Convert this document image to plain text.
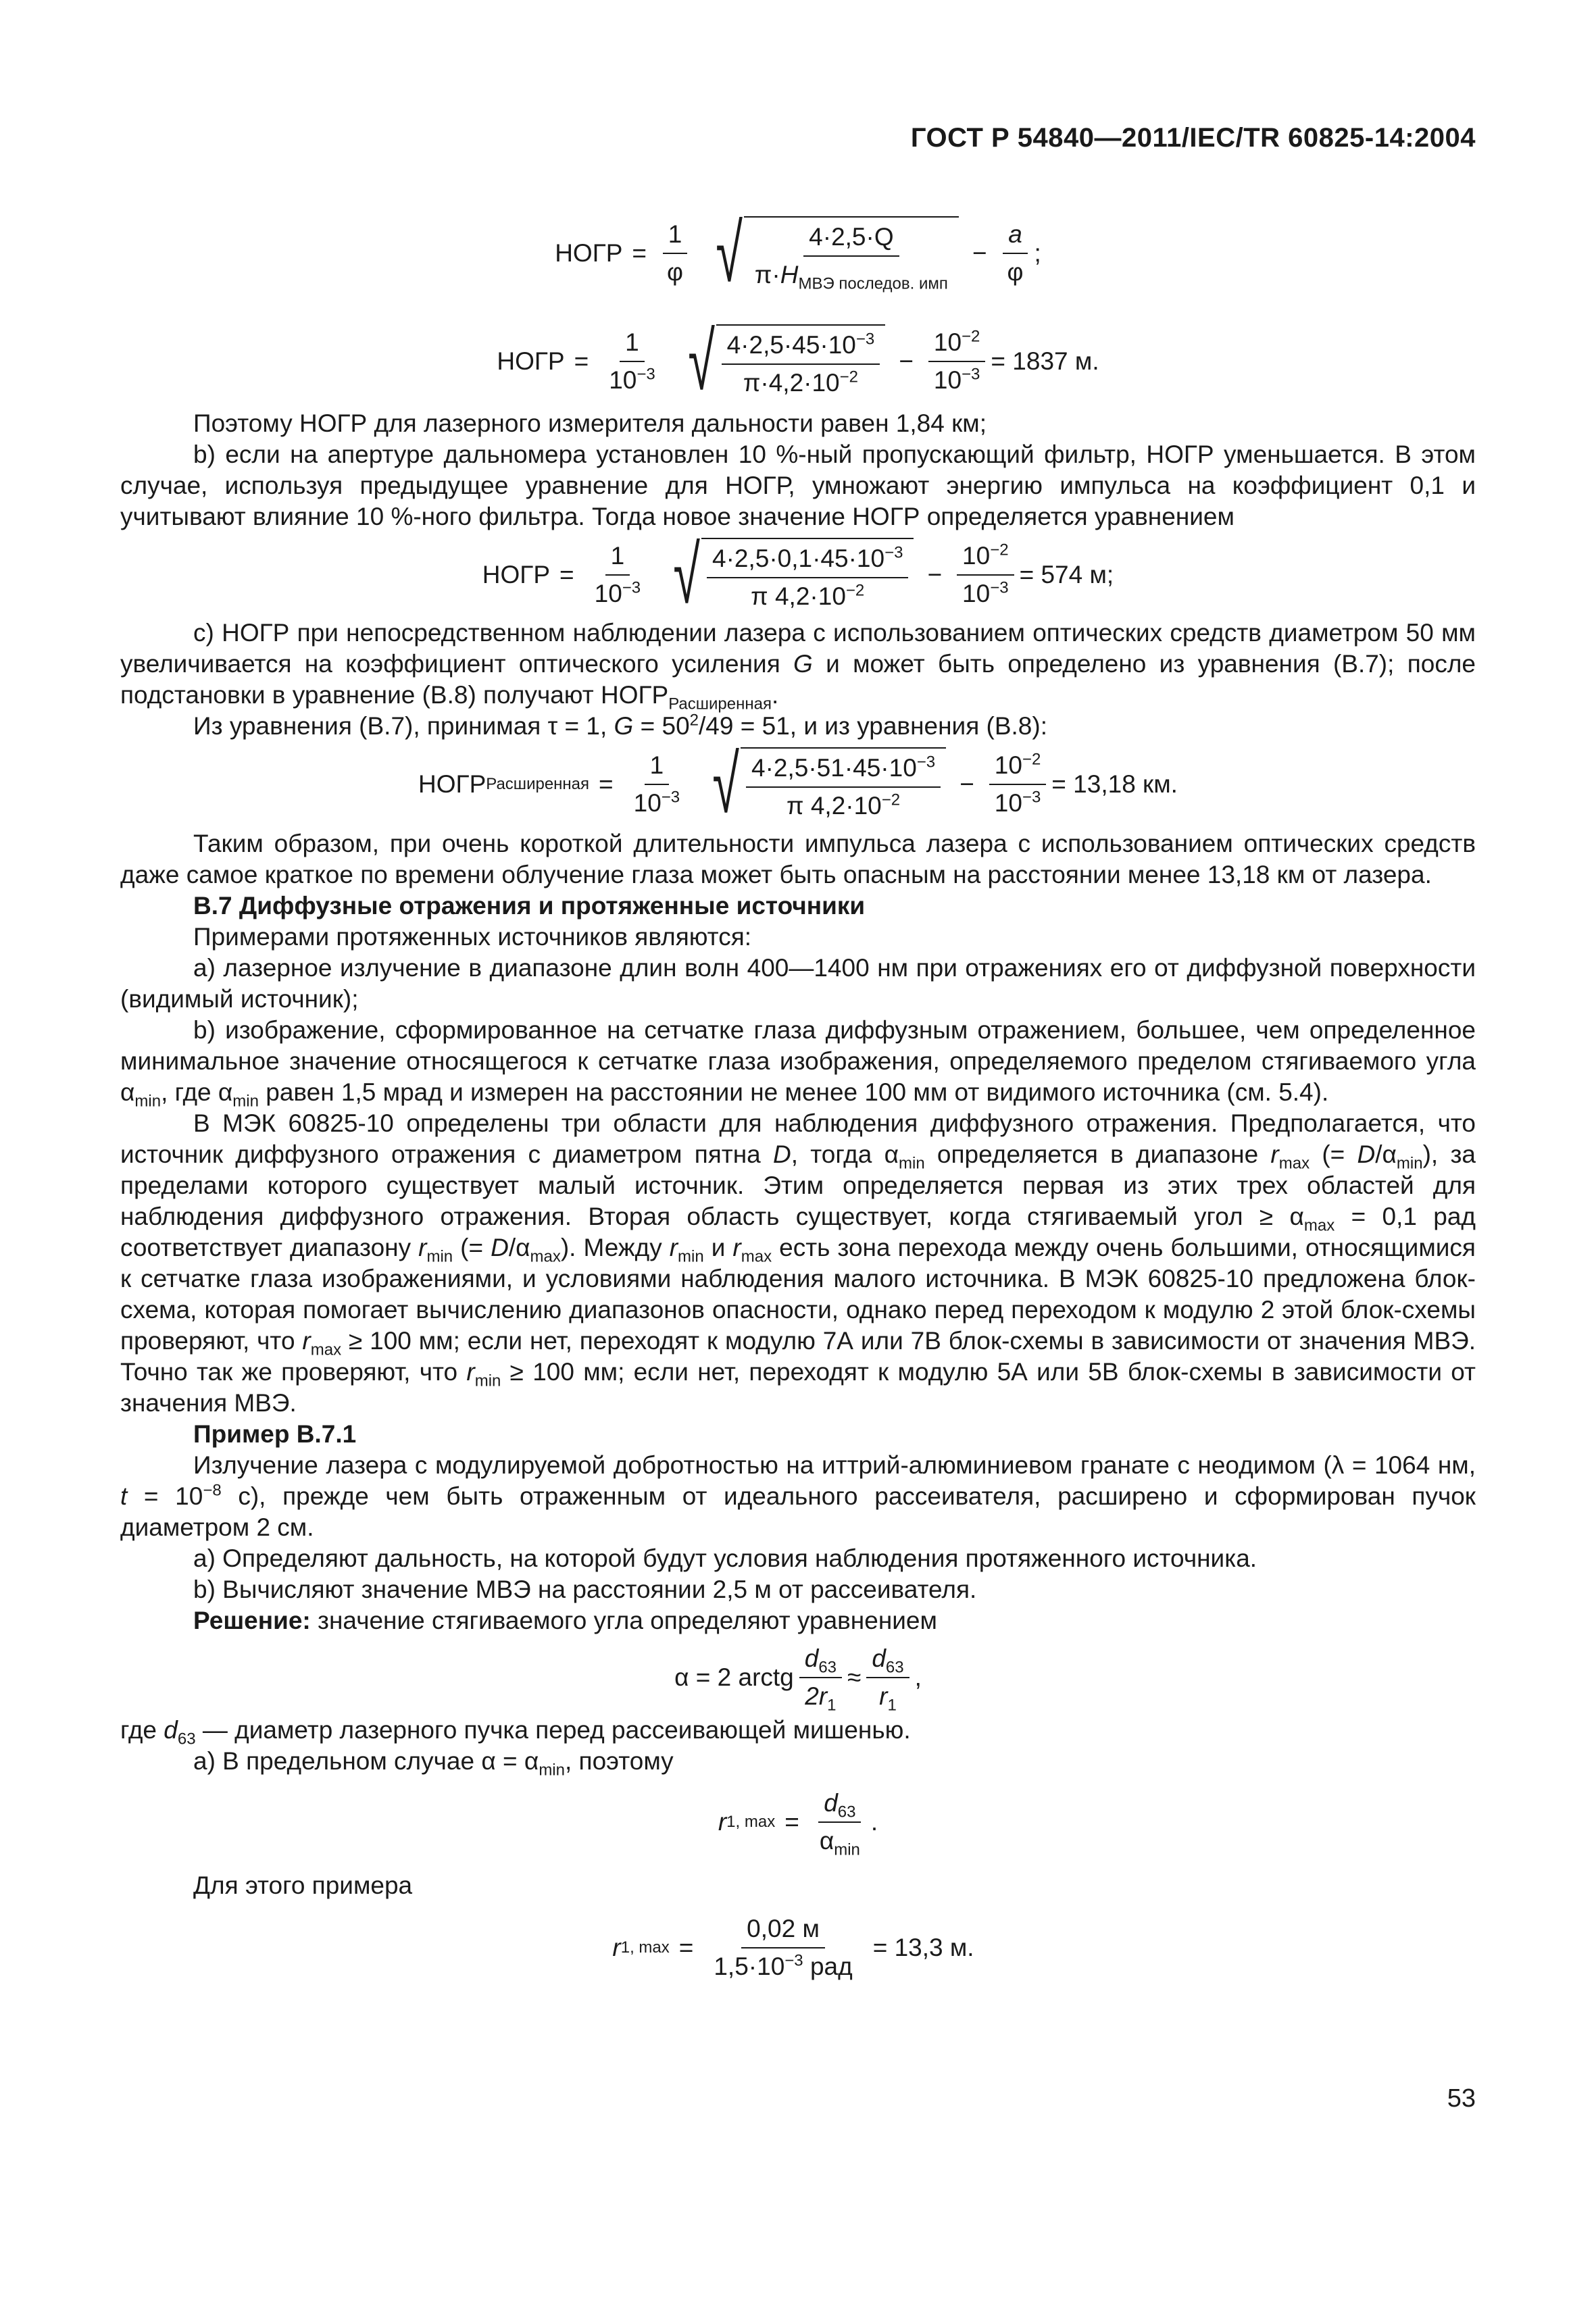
ГОСТ Р 54840—2011/IEC/TR 60825-14:2004
НОГР = $\frac{1}{\varphi}$ √ $\frac{4\cdot 2,5\cdot Q}{\pi\cdot H_{МВЭ последов. имп}} - \frac{a}{\varphi}$ ;
НОГР = $\frac{1}{10^{-3}}$ √ $\frac{4\cdot 2,5\cdot 45\cdot 10^{-3}}{\pi\cdot 4,2\cdot 10^{-2}} - \frac{10^{-2}}{10^{-3}} = 1837$ м.

Поэтому НОГР для лазерного измерителя дальности равен 1,84 км;

b) если на апертуре дальномера установлен 10 %-ный пропускающий фильтр, НОГР уменьшается. В этом случае, используя предыдущее уравнение для НОГР, умножают энергию импульса на коэффициент 0,1 и учитывают влияние 10 %-ного фильтра. Тогда новое значение НОГР определяется уравнением

НОГР = $\frac{1}{10^{-3}}$ √ $\frac{4\cdot 2,5\cdot 0,1\cdot 45\cdot 10^{-3}}{\pi 4,2\cdot 10^{-2}} - \frac{10^{-2}}{10^{-3}} = 574$ м;

c) НОГР при непосредственном наблюдении лазера с использованием оптических средств диаметром 50 мм увеличивается на коэффициент оптического усиления G и может быть определено из уравнения (В.7); после подстановки в уравнение (В.8) получают $НОГР_{Расширенная}$.

Из уравнения (В.7), принимая τ = 1, $G = 50^2/49 = 51$, и из уравнения (В.8):

НОГР Расширенная = $\frac{1}{10^{-3}}$ √ $\frac{4\cdot 2,5\cdot 51\cdot 45\cdot 10^{-3}}{\pi 4,2\cdot 10^{-2}} - \frac{10^{-2}}{10^{-3}} = 13,18$ км.

Таким образом, при очень короткой длительности импульса лазера с использованием оптических средств даже самое краткое по времени облучение глаза может быть опасным на расстоянии менее 13,18 км от лазера.

В.7 Диффузные отражения и протяженные источники

Примерами протяженных источников являются:

а) лазерное излучение в диапазоне длин волн 400—1400 нм при отражениях его от диффузной поверхности (видимый источник);

b) изображение, сформированное на сетчатке глаза диффузным отражением, большее, чем определенное минимальное значение относящегося к сетчатке глаза изображения, определяемого пределом стягиваемого угла $\alpha_{min}$, где $\alpha_{min}$ равен 1,5 мрад и измерен на расстоянии не менее 100 мм от видимого источника (см. 5.4).

В МЭК 60825-10 определены три области для наблюдения диффузного отражения. Предполагается, что источник диффузного отражения с диаметром пятна D, тогда $\alpha_{min}$ определяется в диапазоне $r_{max}$ (= $D/\alpha_{min}$), за пределами которого существует малый источник. Этим определяется первая из этих трех областей для наблюдения диффузного отражения. Вторая область существует, когда стягиваемый угол ≥ $\alpha_{max} = 0,1$ рад соответствует диапазону $r_{min}$ (= $D/\alpha_{max}$). Между $r_{min}$ и $r_{max}$ есть зона перехода между очень большими, относящимися к сетчатке глаза изображениями, и условиями наблюдения малого источника. В МЭК 60825-10 предложена блок-схема, которая помогает вычислению диапазонов опасности, однако перед переходом к модулю 2 этой блок-схемы проверяют, что $r_{max} \ge 100$ мм; если нет, переходят к модулю 7А или 7В блок-схемы в зависимости от значения МВЭ. Точно так же проверяют, что $r_{min} \ge 100$ мм; если нет, переходят к модулю 5А или 5В блок-схемы в зависимости от значения МВЭ.

Пример В.7.1

Излучение лазера с модулируемой добротностью на иттрий-алюминиевом гранате с неодимом (λ = 1064 нм, $t = 10^{-8}$ с), прежде чем быть отраженным от идеального рассеивателя, расширено и сформирован пучок диаметром 2 см.

а) Определяют дальность, на которой будут условия наблюдения протяженного источника.

b) Вычисляют значение МВЭ на расстоянии 2,5 м от рассеивателя.

Решение: значение стягиваемого угла определяют уравнением

α = 2 arctg $\frac{d_{63}}{2r_1} \approx \frac{d_{63}}{r_1}$ ,

где $d_{63}$ — диаметр лазерного пучка перед рассеивающей мишенью.

а) В предельном случае $\alpha = \alpha_{min}$, поэтому

r 1, $\max = \frac{d_{63}}{\alpha_{min}}$ .

Для этого примера

r 1, $\max = \frac{0,02 м}{1,5\cdot 10^{-3} рад} = 13,3$ м.
53
